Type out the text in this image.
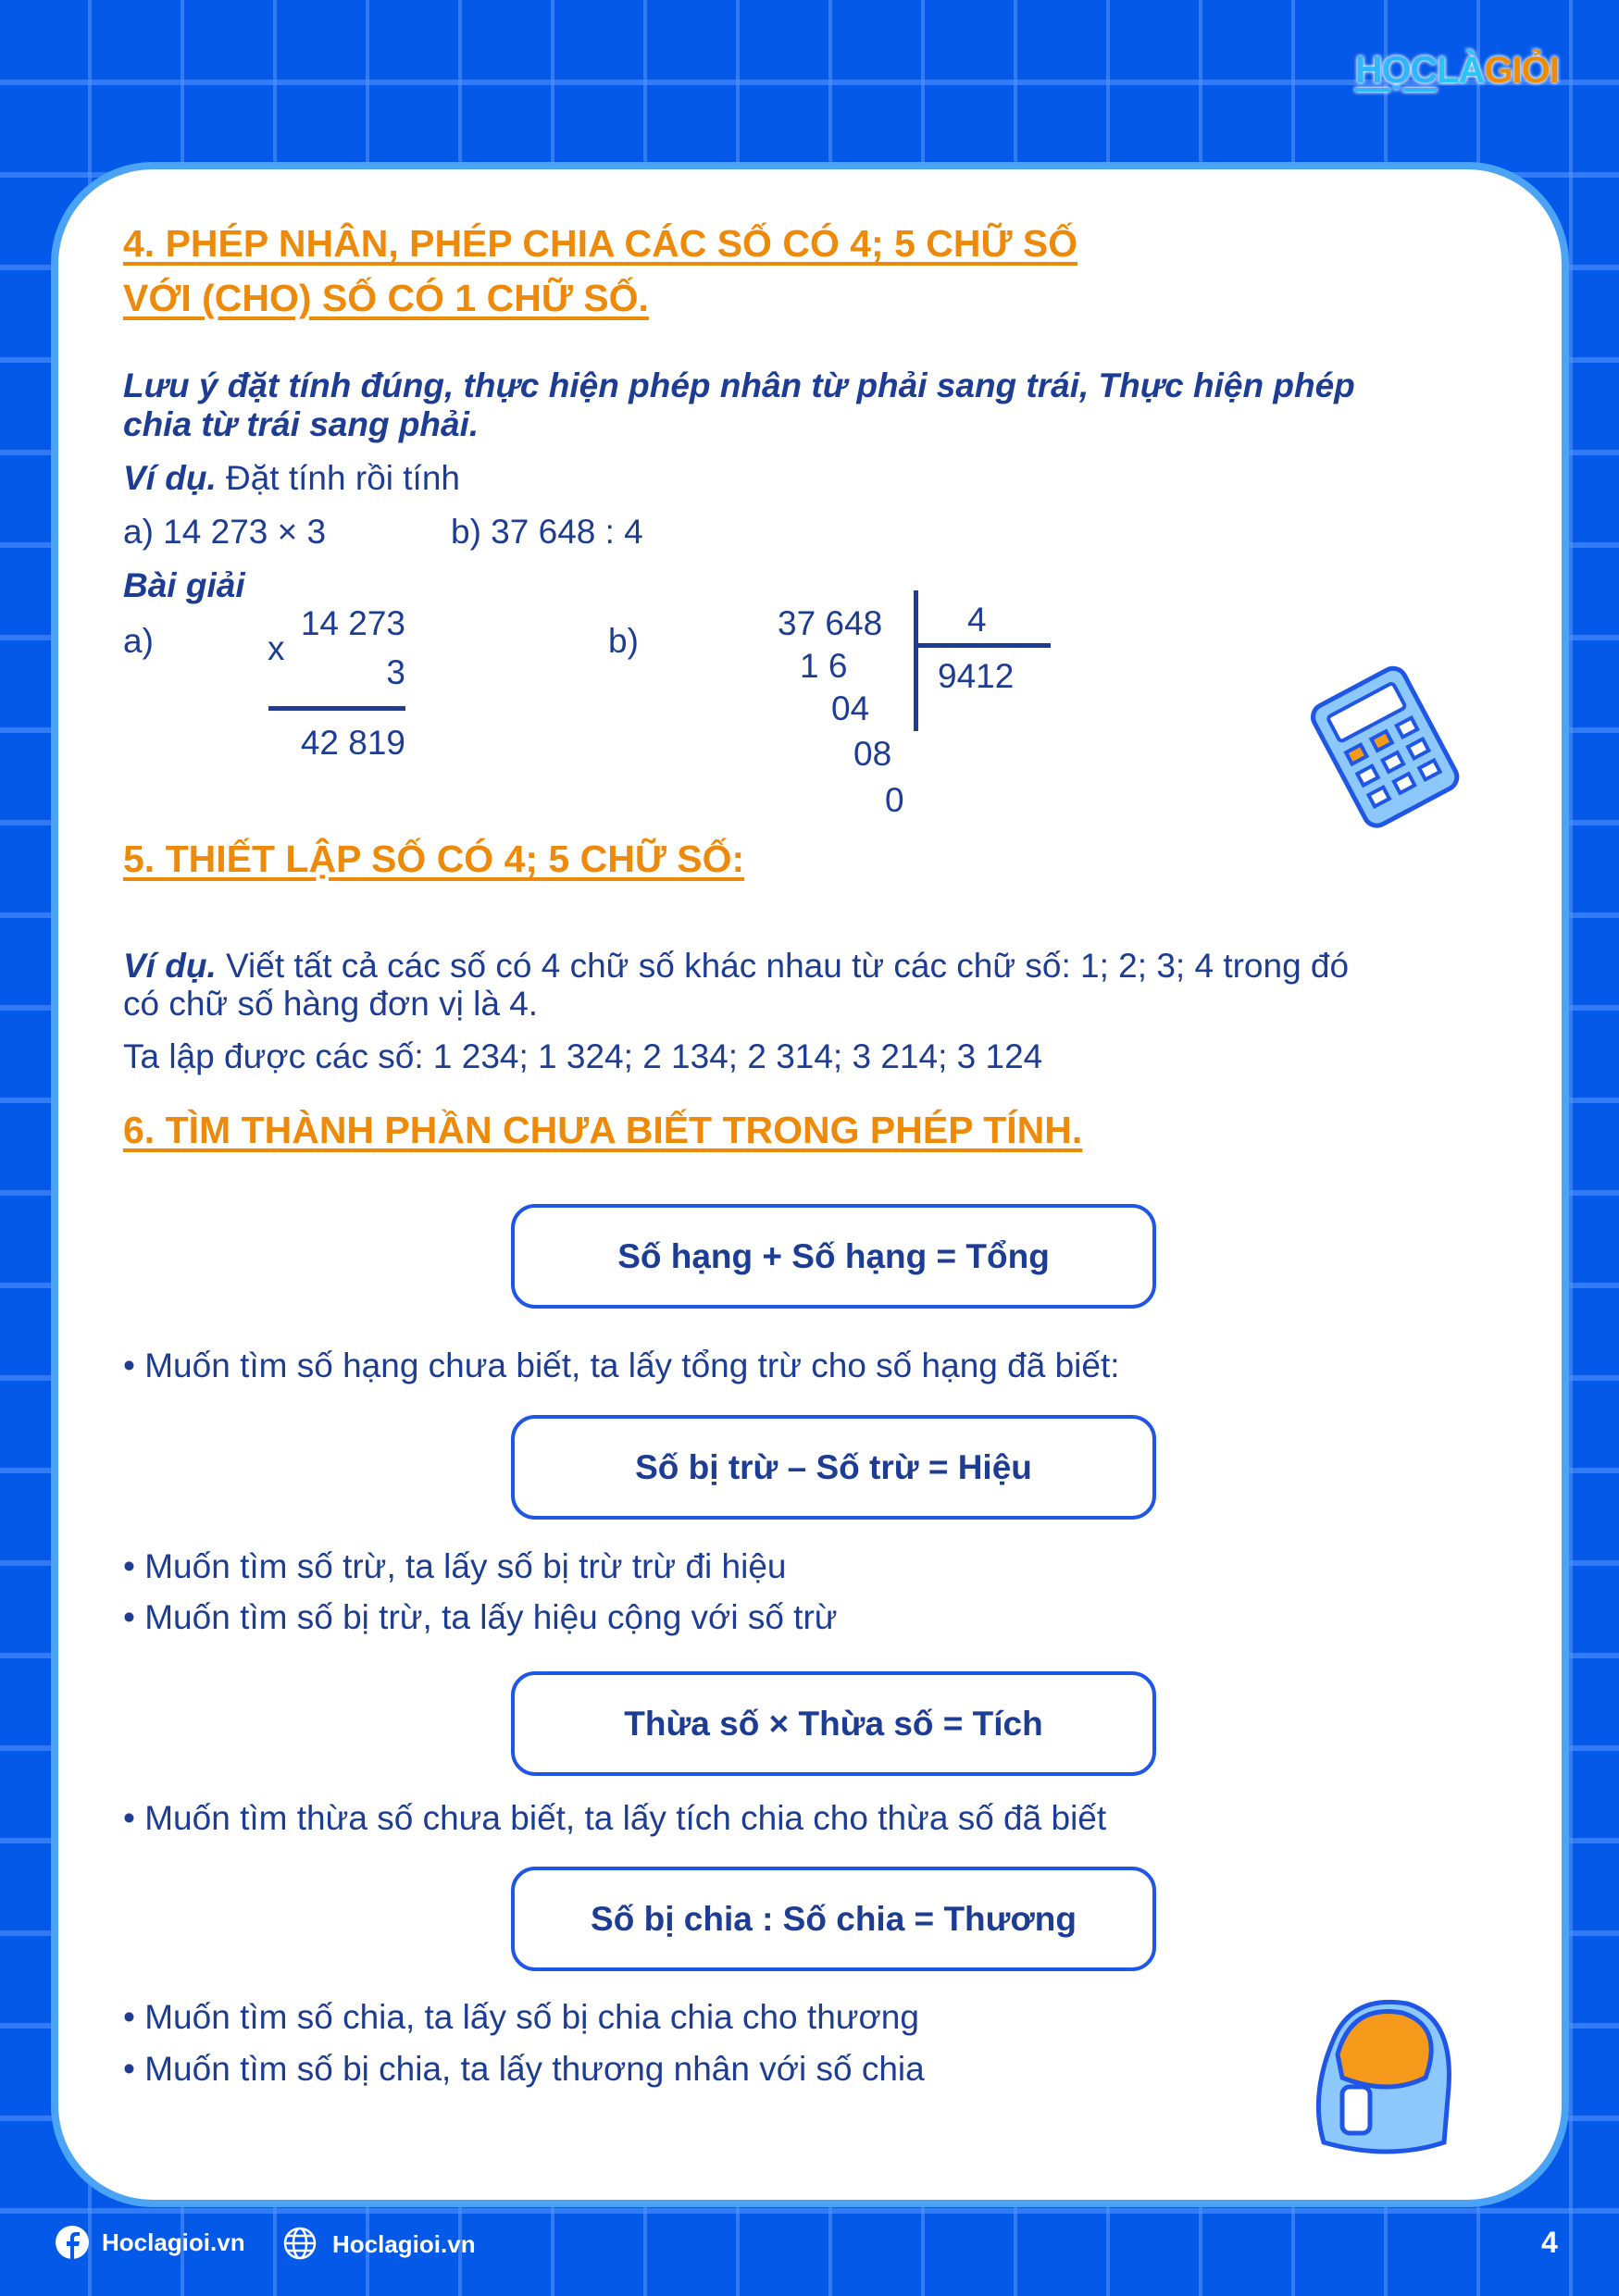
HỌCLÀGIỎI
4. PHÉP NHÂN, PHÉP CHIA CÁC SỐ CÓ 4; 5 CHỮ SỐ
VỚI (CHO) SỐ CÓ 1 CHỮ SỐ.
Lưu ý đặt tính đúng, thực hiện phép nhân từ phải sang trái, Thực hiện phép
chia từ trái sang phải.
Ví dụ. Đặt tính rồi tính
a) 14 273 × 3	b) 37 648 : 4
Bài giải
a)	x
14 273
3
42 819
b)	37 648 4
9412
1 6
04
08
0
5. THIẾT LẬP SỐ CÓ 4; 5 CHỮ SỐ:
Ví dụ. Viết tất cả các số có 4 chữ số khác nhau từ các chữ số: 1; 2; 3; 4 trong đó
có chữ số hàng đơn vị là 4.
Ta lập được các số: 1 234; 1 324; 2 134; 2 314; 3 214; 3 124
6. TÌM THÀNH PHẦN CHƯA BIẾT TRONG PHÉP TÍNH.
Số hạng + Số hạng = Tổng
• Muốn tìm số hạng chưa biết, ta lấy tổng trừ cho số hạng đã biết:
Số bị trừ – Số trừ = Hiệu
• Muốn tìm số trừ, ta lấy số bị trừ trừ đi hiệu
• Muốn tìm số bị trừ, ta lấy hiệu cộng với số trừ
Thừa số × Thừa số = Tích
• Muốn tìm thừa số chưa biết, ta lấy tích chia cho thừa số đã biết
Số bị chia : Số chia = Thương
• Muốn tìm số chia, ta lấy số bị chia chia cho thương
• Muốn tìm số bị chia, ta lấy thương nhân với số chia
Hoclagioi.vn	Hoclagioi.vn	4
